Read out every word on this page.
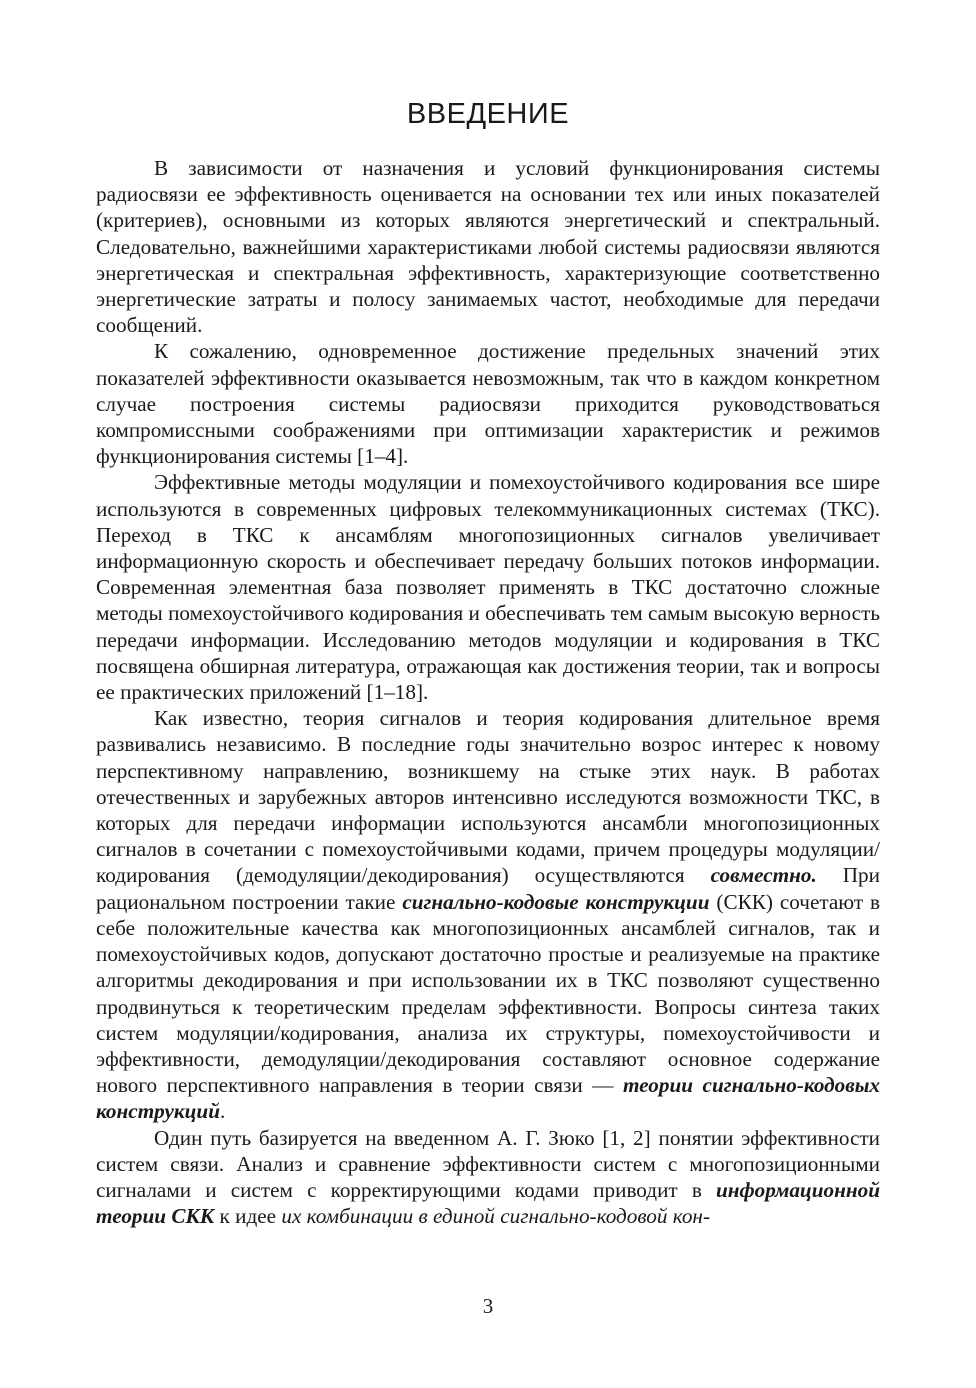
ВВЕДЕНИЕ

В зависимости от назначения и условий функционирования системы радиосвязи ее эффективность оценивается на основании тех или иных показателей (критериев), основными из которых являются энергетический и спектральный. Следовательно, важнейшими характеристиками любой системы радиосвязи являются энергетическая и спектральная эффективность, характеризующие соответственно энергетические затраты и полосу занимаемых частот, необходимые для передачи сообщений.

К сожалению, одновременное достижение предельных значений этих показателей эффективности оказывается невозможным, так что в каждом конкретном случае построения системы радиосвязи приходится руководствоваться компромиссными соображениями при оптимизации характеристик и режимов функционирования системы [1–4].

Эффективные методы модуляции и помехоустойчивого кодирования все шире используются в современных цифровых телекоммуникационных системах (ТКС). Переход в ТКС к ансамблям многопозиционных сигналов увеличивает информационную скорость и обеспечивает передачу больших потоков информации. Современная элементная база позволяет применять в ТКС достаточно сложные методы помехоустойчивого кодирования и обеспечивать тем самым высокую верность передачи информации. Исследованию методов модуляции и кодирования в ТКС посвящена обширная литература, отражающая как достижения теории, так и вопросы ее практических приложений [1–18].

Как известно, теория сигналов и теория кодирования длительное время развивались независимо. В последние годы значительно возрос интерес к новому перспективному направлению, возникшему на стыке этих наук. В работах отечественных и зарубежных авторов интенсивно исследуются возможности ТКС, в которых для передачи информации используются ансамбли многопозиционных сигналов в сочетании с помехоустойчивыми кодами, причем процедуры модуляции/кодирования (демодуляции/декодирования) осуществляются совместно. При рациональном построении такие сигнально-кодовые конструкции (СКК) сочетают в себе положительные качества как многопозиционных ансамблей сигналов, так и помехоустойчивых кодов, допускают достаточно простые и реализуемые на практике алгоритмы декодирования и при использовании их в ТКС позволяют существенно продвинуться к теоретическим пределам эффективности. Вопросы синтеза таких систем модуляции/кодирования, анализа их структуры, помехоустойчивости и эффективности, демодуляции/декодирования составляют основное содержание нового перспективного направления в теории связи — теории сигнально-кодовых конструкций.

Один путь базируется на введенном А. Г. Зюко [1, 2] понятии эффективности систем связи. Анализ и сравнение эффективности систем с многопозиционными сигналами и систем с корректирующими кодами приводит в информационной теории СКК к идее их комбинации в единой сигнально-кодовой кон-

3
